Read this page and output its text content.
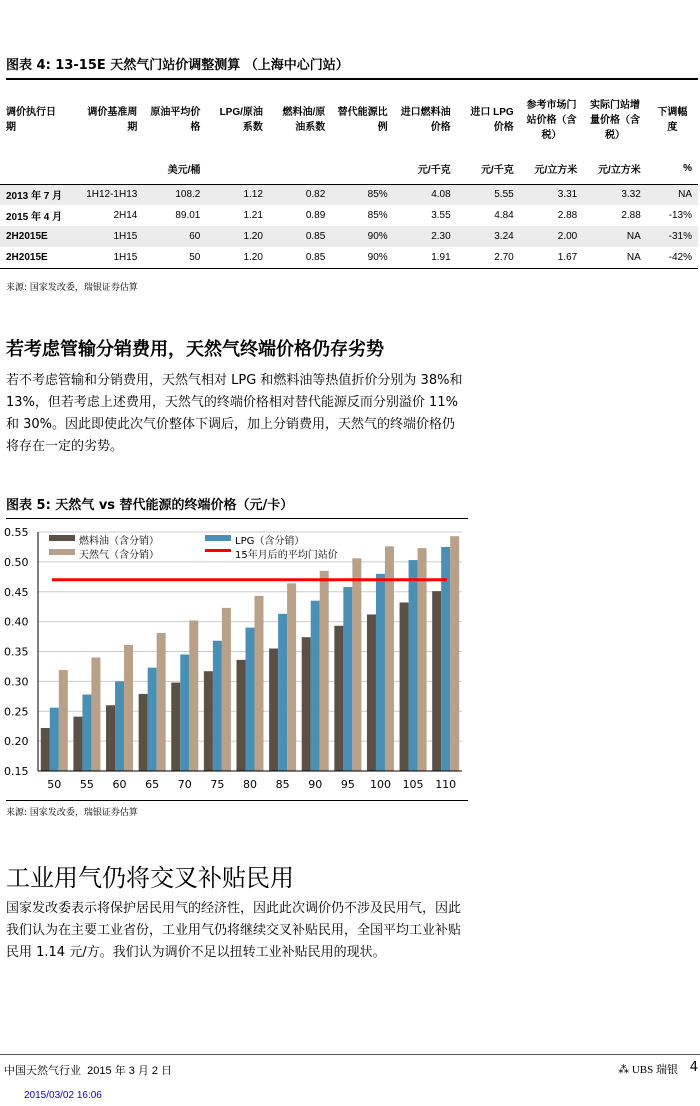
图表 4: 13-15E 天然气门站价调整测算 （上海中心门站）
调价执行日期	调价基准周期	原油平均价格	LPG/原油系数	燃料油/原油系数	替代能源比例	进口燃料油价格	进口 LPG 价格	参考市场门站价格（含税）	实际门站增量价格（含税）	下调幅度
		美元/桶				元/千克	元/千克	元/立方米	元/立方米	%
2013 年 7 月	1H12-1H13	108.2	1.12	0.82	85%	4.08	5.55	3.31	3.32	NA
2015 年 4 月	2H14	89.01	1.21	0.89	85%	3.55	4.84	2.88	2.88	-13%
2H2015E	1H15	60	1.20	0.85	90%	2.30	3.24	2.00	NA	-31%
2H2015E	1H15	50	1.20	0.85	90%	1.91	2.70	1.67	NA	-42%
来源: 国家发改委，瑞银证券估算
若考虑管输分销费用，天然气终端价格仍存劣势

若不考虑管输和分销费用，天然气相对 LPG 和燃料油等热值折价分别为 38%和 13%，但若考虑上述费用，天然气的终端价格相对替代能源反而分别溢价 11%和 30%。因此即使此次气价整体下调后，加上分销费用，天然气的终端价格仍将存在一定的劣势。

图表 5: 天然气 vs 替代能源的终端价格（元/卡）
0.15
0.20
0.25
0.30
0.35
0.40
0.45
0.50
0.55
50 55 60 65 70 75 80 85 90 95 100 105 110
燃料油（含分销）	LPG（含分销）
天然气（含分销）	15年月后的平均门站价
来源: 国家发改委，瑞银证券估算
工业用气仍将交叉补贴民用

国家发改委表示将保护居民用气的经济性，因此此次调价仍不涉及民用气，因此我们认为在主要工业省份，工业用气仍将继续交叉补贴民用，全国平均工业补贴民用 1.14 元/方。我们认为调价不足以扭转工业补贴民用的现状。

中国天然气行业  2015 年 3 月 2 日	⁂ UBS 瑞银 4
2015/03/02 16:06
